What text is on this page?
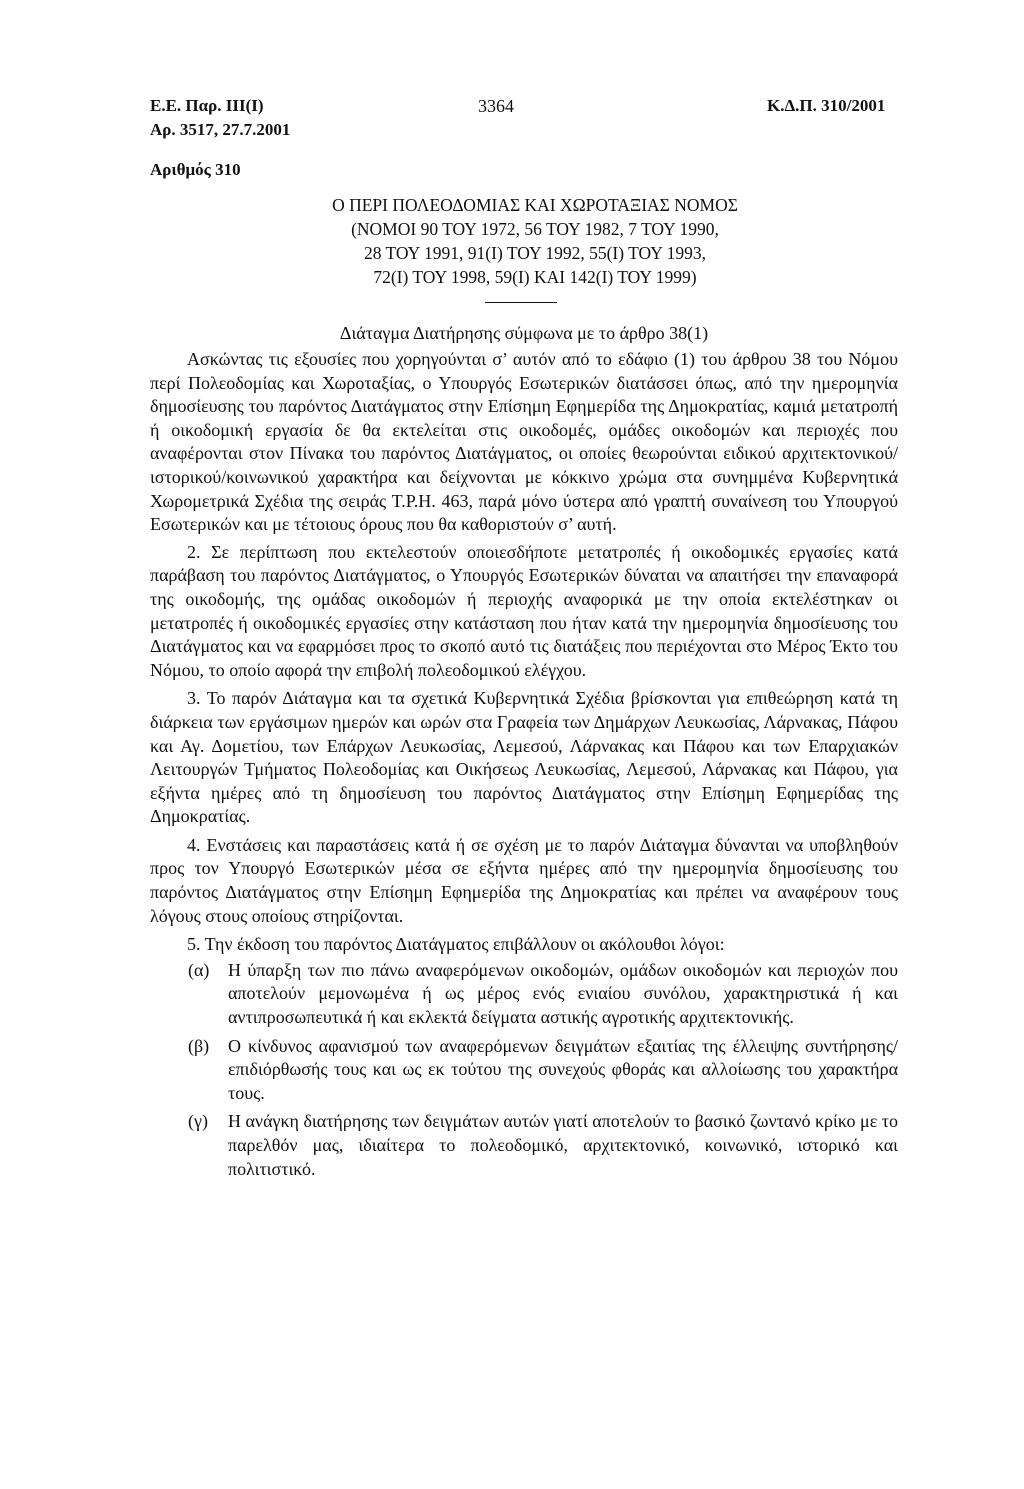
Ε.Ε. Παρ. ΙΙΙ(Ι)
Αρ. 3517, 27.7.2001
3364	Κ.Δ.Π. 310/2001
Αριθμός 310
Ο ΠΕΡΙ ΠΟΛΕΟΔΟΜΙΑΣ ΚΑΙ ΧΩΡΟΤΑΞΙΑΣ ΝΟΜΟΣ
(ΝΟΜΟΙ 90 ΤΟΥ 1972, 56 ΤΟΥ 1982, 7 ΤΟΥ 1990,
28 ΤΟΥ 1991, 91(Ι) ΤΟΥ 1992, 55(Ι) ΤΟΥ 1993,
72(Ι) ΤΟΥ 1998, 59(Ι) ΚΑΙ 142(Ι) ΤΟΥ 1999)
Διάταγμα Διατήρησης σύμφωνα με το άρθρο 38(1)

Ασκώντας τις εξουσίες που χορηγούνται σ’ αυτόν από το εδάφιο (1) του άρθρου 38 του Νόμου περί Πολεοδομίας και Χωροταξίας, ο Υπουργός Εσωτερικών διατάσσει όπως, από την ημερομηνία δημοσίευσης του παρόντος Διατάγματος στην Επίσημη Εφημερίδα της Δημοκρατίας, καμιά μετατροπή ή οικοδομική εργασία δε θα εκτελείται στις οικοδομές, ομάδες οικοδομών και περιοχές που αναφέρονται στον Πίνακα του παρόντος Διατάγματος, οι οποίες θεωρούνται ειδικού αρχιτεκτονικού/ιστορικού/κοινωνικού χαρακτήρα και δείχνονται με κόκκινο χρώμα στα συνημμένα Κυβερνητικά Χωρομετρικά Σχέδια της σειράς Τ.Ρ.Η. 463, παρά μόνο ύστερα από γραπτή συναίνεση του Υπουργού Εσωτερικών και με τέτοιους όρους που θα καθοριστούν σ’ αυτή.

2. Σε περίπτωση που εκτελεστούν οποιεσδήποτε μετατροπές ή οικοδομικές εργασίες κατά παράβαση του παρόντος Διατάγματος, ο Υπουργός Εσωτερικών δύναται να απαιτήσει την επαναφορά της οικοδομής, της ομάδας οικοδομών ή περιοχής αναφορικά με την οποία εκτελέστηκαν οι μετατροπές ή οικοδομικές εργασίες στην κατάσταση που ήταν κατά την ημερομηνία δημοσίευσης του Διατάγματος και να εφαρμόσει προς το σκοπό αυτό τις διατάξεις που περιέχονται στο Μέρος Έκτο του Νόμου, το οποίο αφορά την επιβολή πολεοδομικού ελέγχου.

3. Το παρόν Διάταγμα και τα σχετικά Κυβερνητικά Σχέδια βρίσκονται για επιθεώρηση κατά τη διάρκεια των εργάσιμων ημερών και ωρών στα Γραφεία των Δημάρχων Λευκωσίας, Λάρνακας, Πάφου και Αγ. Δομετίου, των Επάρχων Λευκωσίας, Λεμεσού, Λάρνακας και Πάφου και των Επαρχιακών Λειτουργών Τμήματος Πολεοδομίας και Οικήσεως Λευκωσίας, Λεμεσού, Λάρνακας και Πάφου, για εξήντα ημέρες από τη δημοσίευση του παρόντος Διατάγματος στην Επίσημη Εφημερίδας της Δημοκρατίας.

4. Ενστάσεις και παραστάσεις κατά ή σε σχέση με το παρόν Διάταγμα δύνανται να υποβληθούν προς τον Υπουργό Εσωτερικών μέσα σε εξήντα ημέρες από την ημερομηνία δημοσίευσης του παρόντος Διατάγματος στην Επίσημη Εφημερίδα της Δημοκρατίας και πρέπει να αναφέρουν τους λόγους στους οποίους στηρίζονται.

5. Την έκδοση του παρόντος Διατάγματος επιβάλλουν οι ακόλουθοι λόγοι:

(α) Η ύπαρξη των πιο πάνω αναφερόμενων οικοδομών, ομάδων οικοδομών και περιοχών που αποτελούν μεμονωμένα ή ως μέρος ενός ενιαίου συνόλου, χαρακτηριστικά ή και αντιπροσωπευτικά ή και εκλεκτά δείγματα αστικής αγροτικής αρχιτεκτονικής.

(β) Ο κίνδυνος αφανισμού των αναφερόμενων δειγμάτων εξαιτίας της έλλειψης συντήρησης/επιδιόρθωσής τους και ως εκ τούτου της συνεχούς φθοράς και αλλοίωσης του χαρακτήρα τους.

(γ) Η ανάγκη διατήρησης των δειγμάτων αυτών γιατί αποτελούν το βασικό ζωντανό κρίκο με το παρελθόν μας, ιδιαίτερα το πολεοδομικό, αρχιτεκτονικό, κοινωνικό, ιστορικό και πολιτιστικό.
